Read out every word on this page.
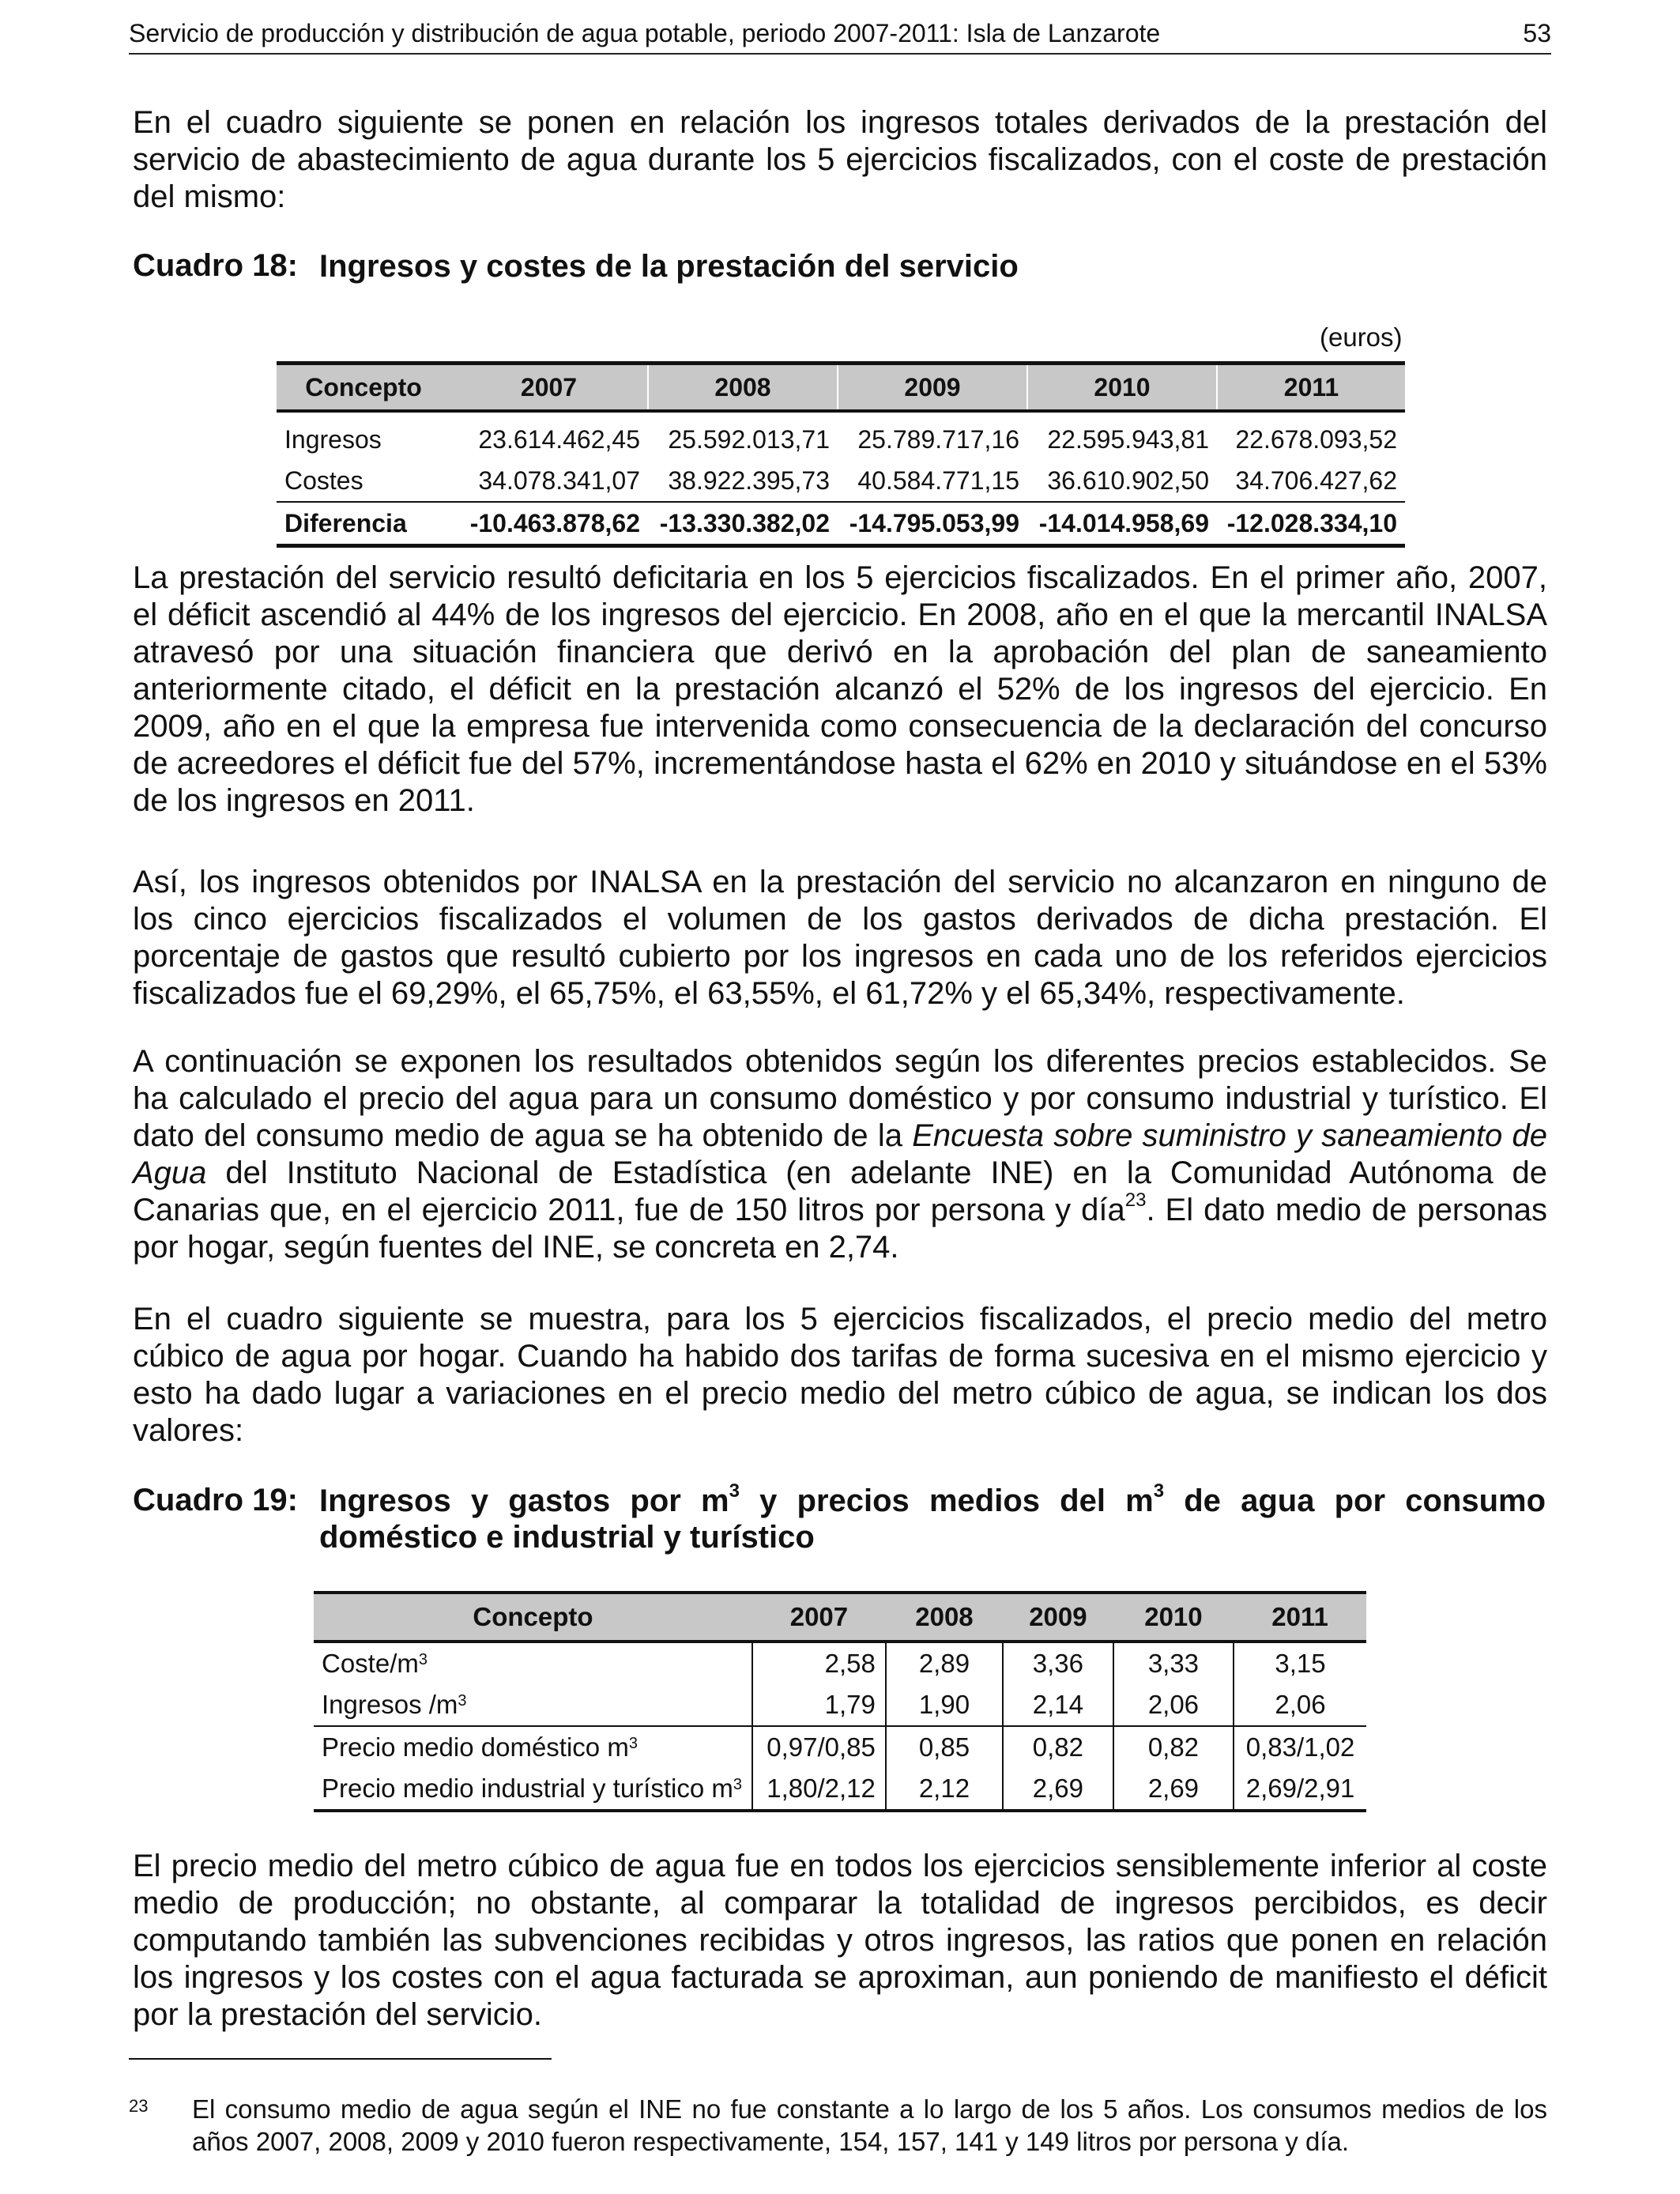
Servicio de producción y distribución de agua potable, periodo 2007-2011: Isla de Lanzarote	53

En el cuadro siguiente se ponen en relación los ingresos totales derivados de la prestación del servicio de abastecimiento de agua durante los 5 ejercicios fiscalizados, con el coste de prestación del mismo:

Cuadro 18: Ingresos y costes de la prestación del servicio
(euros)
Concepto	2007	2008	2009	2010	2011
Ingresos	23.614.462,45	25.592.013,71	25.789.717,16	22.595.943,81	22.678.093,52
Costes	34.078.341,07	38.922.395,73	40.584.771,15	36.610.902,50	34.706.427,62
Diferencia	-10.463.878,62	-13.330.382,02	-14.795.053,99	-14.014.958,69	-12.028.334,10

La prestación del servicio resultó deficitaria en los 5 ejercicios fiscalizados. En el primer año, 2007, el déficit ascendió al 44% de los ingresos del ejercicio. En 2008, año en el que la mercantil INALSA atravesó por una situación financiera que derivó en la aprobación del plan de saneamiento anteriormente citado, el déficit en la prestación alcanzó el 52% de los ingresos del ejercicio. En 2009, año en el que la empresa fue intervenida como consecuencia de la declaración del concurso de acreedores el déficit fue del 57%, incrementándose hasta el 62% en 2010 y situándose en el 53% de los ingresos en 2011.

Así, los ingresos obtenidos por INALSA en la prestación del servicio no alcanzaron en ninguno de los cinco ejercicios fiscalizados el volumen de los gastos derivados de dicha prestación. El porcentaje de gastos que resultó cubierto por los ingresos en cada uno de los referidos ejercicios fiscalizados fue el 69,29%, el 65,75%, el 63,55%, el 61,72% y el 65,34%, respectivamente.

A continuación se exponen los resultados obtenidos según los diferentes precios establecidos. Se ha calculado el precio del agua para un consumo doméstico y por consumo industrial y turístico. El dato del consumo medio de agua se ha obtenido de la Encuesta sobre suministro y saneamiento de Agua del Instituto Nacional de Estadística (en adelante INE) en la Comunidad Autónoma de Canarias que, en el ejercicio 2011, fue de 150 litros por persona y día$^{23}$. El dato medio de personas por hogar, según fuentes del INE, se concreta en 2,74.

En el cuadro siguiente se muestra, para los 5 ejercicios fiscalizados, el precio medio del metro cúbico de agua por hogar. Cuando ha habido dos tarifas de forma sucesiva en el mismo ejercicio y esto ha dado lugar a variaciones en el precio medio del metro cúbico de agua, se indican los dos valores:

Cuadro 19: Ingresos y gastos por $m^3$ y precios medios del $m^3$ de agua por consumo doméstico e industrial y turístico
Concepto	2007	2008	2009	2010	2011
Coste/$m^3$	2,58	2,89	3,36	3,33	3,15
Ingresos $/m^3$	1,79	1,90	2,14	2,06	2,06
Precio medio doméstico $m^3$	0,97/0,85	0,85	0,82	0,82	0,83/1,02
Precio medio industrial y turístico $m^3$	1,80/2,12	2,12	2,69	2,69	2,69/2,91

El precio medio del metro cúbico de agua fue en todos los ejercicios sensiblemente inferior al coste medio de producción; no obstante, al comparar la totalidad de ingresos percibidos, es decir computando también las subvenciones recibidas y otros ingresos, las ratios que ponen en relación los ingresos y los costes con el agua facturada se aproximan, aun poniendo de manifiesto el déficit por la prestación del servicio.

23 El consumo medio de agua según el INE no fue constante a lo largo de los 5 años. Los consumos medios de los años 2007, 2008, 2009 y 2010 fueron respectivamente, 154, 157, 141 y 149 litros por persona y día.
